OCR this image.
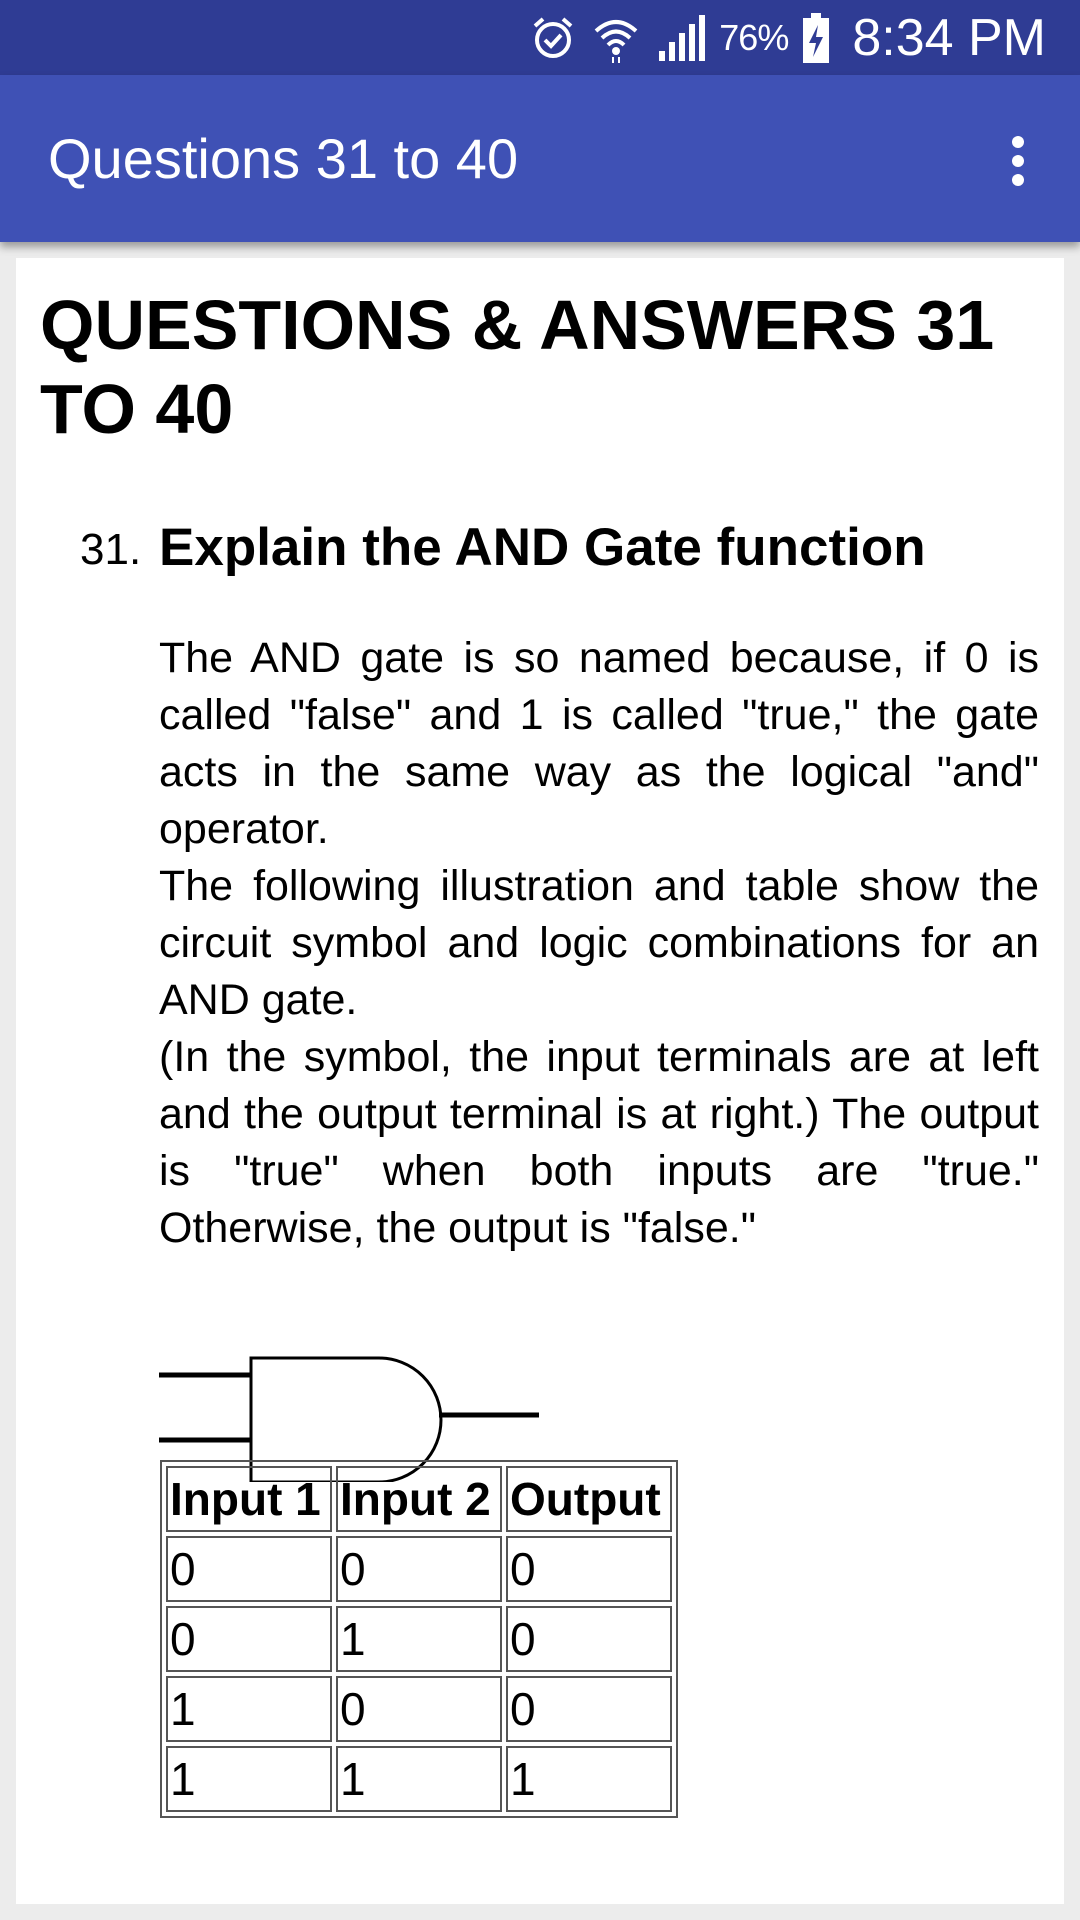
76% 8:34 PM
Questions 31 to 40
QUESTIONS & ANSWERS 31 TO 40
31. Explain the AND Gate function

The AND gate is so named because, if 0 is called "false" and 1 is called "true," the gate acts in the same way as the logical "and" operator.

The following illustration and table show the circuit symbol and logic combinations for an AND gate.

(In the symbol, the input terminals are at left and the output terminal is at right.) The output is "true" when both inputs are "true." Otherwise, the output is "false."

Input 1	Input 2	Output
0	0	0
0	1	0
1	0	0
1	1	1
